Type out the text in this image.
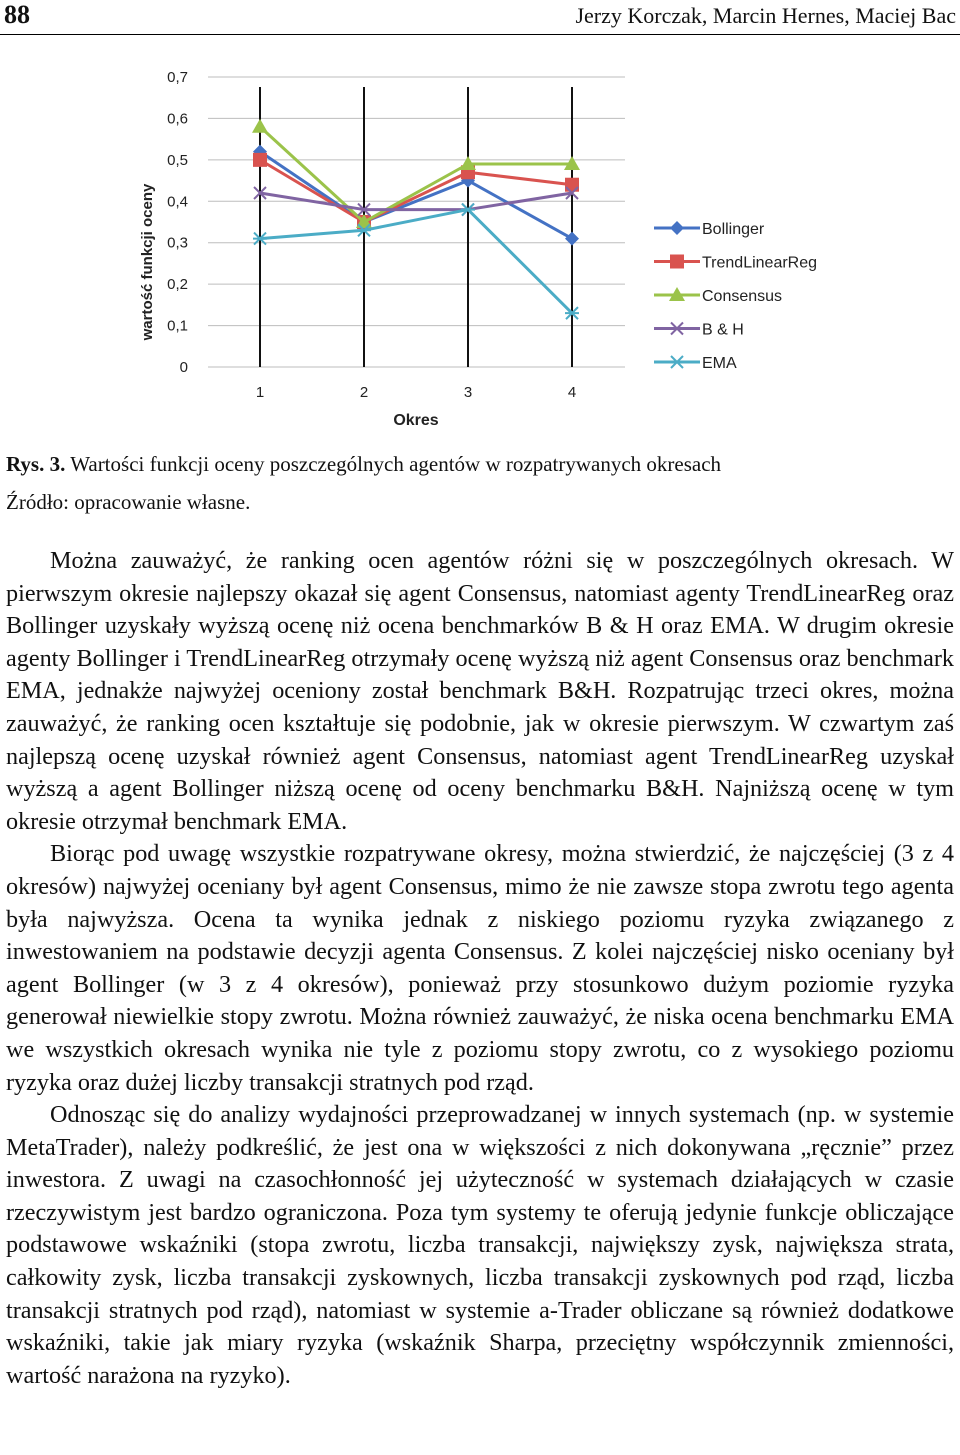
88	Jerzy Korczak, Marcin Hernes, Maciej Bac
0
0,1
0,2
0,3
0,4
0,5
0,6
0,7
1	2	3	4
Bollinger
TrendLinearReg
Consensus
B & H
EMA
wartość funkcji oceny
Okres
Rys. 3. Wartości funkcji oceny poszczególnych agentów w rozpatrywanych okresach
Źródło: opracowanie własne.

Można zauważyć, że ranking ocen agentów różni się w poszczególnych okresach. W pierwszym okresie najlepszy okazał się agent Consensus, natomiast agenty TrendLinearReg oraz Bollinger uzyskały wyższą ocenę niż ocena benchmarków B & H oraz EMA. W drugim okresie agenty Bollinger i TrendLinearReg otrzymały ocenę wyższą niż agent Consensus oraz benchmark EMA, jednakże najwyżej oceniony został benchmark B&H. Rozpatrując trzeci okres, można zauważyć, że ranking ocen kształtuje się podobnie, jak w okresie pierwszym. W czwartym zaś najlepszą ocenę uzyskał również agent Consensus, natomiast agent TrendLinearReg uzyskał wyższą a agent Bollinger niższą ocenę od oceny benchmarku B&H. Najniższą ocenę w tym okresie otrzymał benchmark EMA.

Biorąc pod uwagę wszystkie rozpatrywane okresy, można stwierdzić, że najczęściej (3 z 4 okresów) najwyżej oceniany był agent Consensus, mimo że nie zawsze stopa zwrotu tego agenta była najwyższa. Ocena ta wynika jednak z niskiego poziomu ryzyka związanego z inwestowaniem na podstawie decyzji agenta Consensus. Z kolei najczęściej nisko oceniany był agent Bollinger (w 3 z 4 okresów), ponieważ przy stosunkowo dużym poziomie ryzyka generował niewielkie stopy zwrotu. Można również zauważyć, że niska ocena benchmarku EMA we wszystkich okresach wynika nie tyle z poziomu stopy zwrotu, co z wysokiego poziomu ryzyka oraz dużej liczby transakcji stratnych pod rząd.

Odnosząc się do analizy wydajności przeprowadzanej w innych systemach (np. w systemie MetaTrader), należy podkreślić, że jest ona w większości z nich dokonywana „ręcznie” przez inwestora. Z uwagi na czasochłonność jej użyteczność w systemach działających w czasie rzeczywistym jest bardzo ograniczona. Poza tym systemy te oferują jedynie funkcje obliczające podstawowe wskaźniki (stopa zwrotu, liczba transakcji, największy zysk, największa strata, całkowity zysk, liczba transakcji zyskownych, liczba transakcji zyskownych pod rząd, liczba transakcji stratnych pod rząd), natomiast w systemie a-Trader obliczane są również dodatkowe wskaźniki, takie jak miary ryzyka (wskaźnik Sharpa, przeciętny współczynnik zmienności, wartość narażona na ryzyko).
